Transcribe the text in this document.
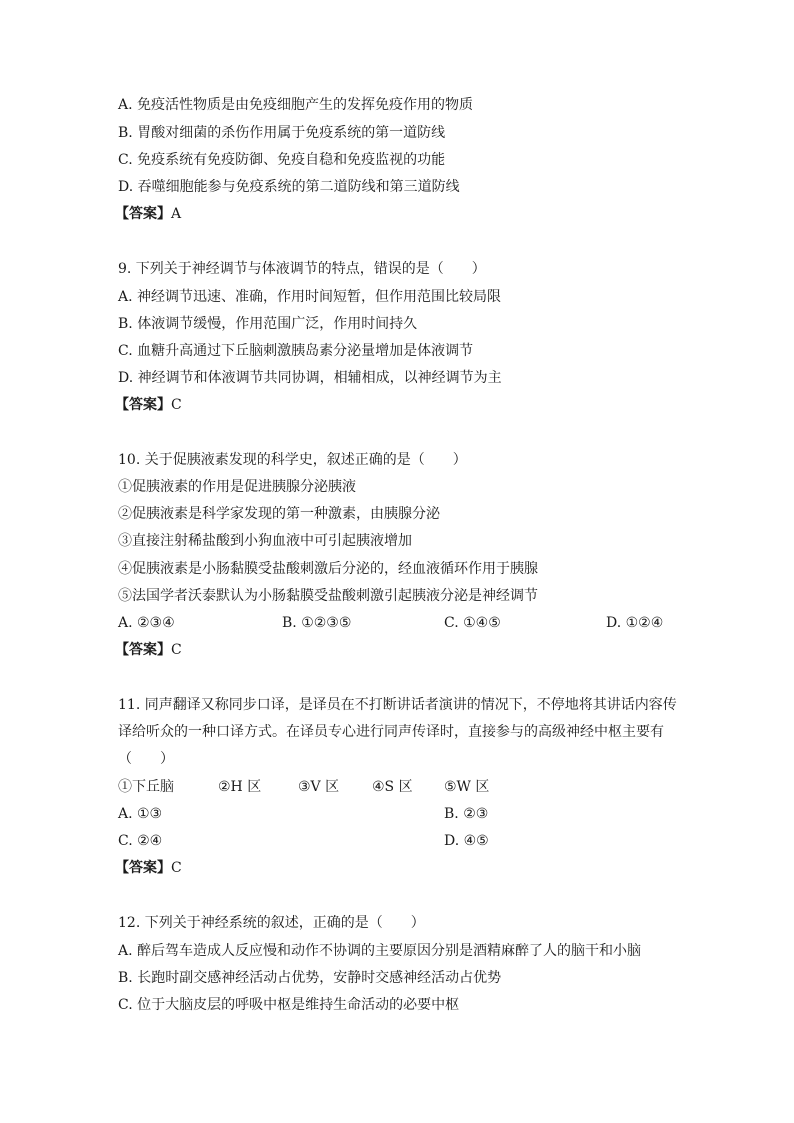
A. 免疫活性物质是由免疫细胞产生的发挥免疫作用的物质
B. 胃酸对细菌的杀伤作用属于免疫系统的第一道防线
C. 免疫系统有免疫防御、免疫自稳和免疫监视的功能
D. 吞噬细胞能参与免疫系统的第二道防线和第三道防线
【答案】A
9. 下列关于神经调节与体液调节的特点，错误的是（　　）
A. 神经调节迅速、准确，作用时间短暂，但作用范围比较局限
B. 体液调节缓慢，作用范围广泛，作用时间持久
C. 血糖升高通过下丘脑刺激胰岛素分泌量增加是体液调节
D. 神经调节和体液调节共同协调，相辅相成，以神经调节为主
【答案】C
10. 关于促胰液素发现的科学史，叙述正确的是（　　）
①促胰液素的作用是促进胰腺分泌胰液
②促胰液素是科学家发现的第一种激素，由胰腺分泌
③直接注射稀盐酸到小狗血液中可引起胰液增加
④促胰液素是小肠黏膜受盐酸刺激后分泌的，经血液循环作用于胰腺
⑤法国学者沃泰默认为小肠黏膜受盐酸刺激引起胰液分泌是神经调节
A. ②③④	B. ①②③⑤	C. ①④⑤	D. ①②④
【答案】C
11. 同声翻译又称同步口译，是译员在不打断讲话者演讲的情况下，不停地将其讲话内容传
译给听众的一种口译方式。在译员专心进行同声传译时，直接参与的高级神经中枢主要有
（　　）
①下丘脑	②H 区	③V 区 ④S 区 ⑤W 区
A. ①③	B. ②③
C. ②④	D. ④⑤
【答案】C
12. 下列关于神经系统的叙述，正确的是（　　）
A. 醉后驾车造成人反应慢和动作不协调的主要原因分别是酒精麻醉了人的脑干和小脑
B. 长跑时副交感神经活动占优势，安静时交感神经活动占优势
C. 位于大脑皮层的呼吸中枢是维持生命活动的必要中枢
